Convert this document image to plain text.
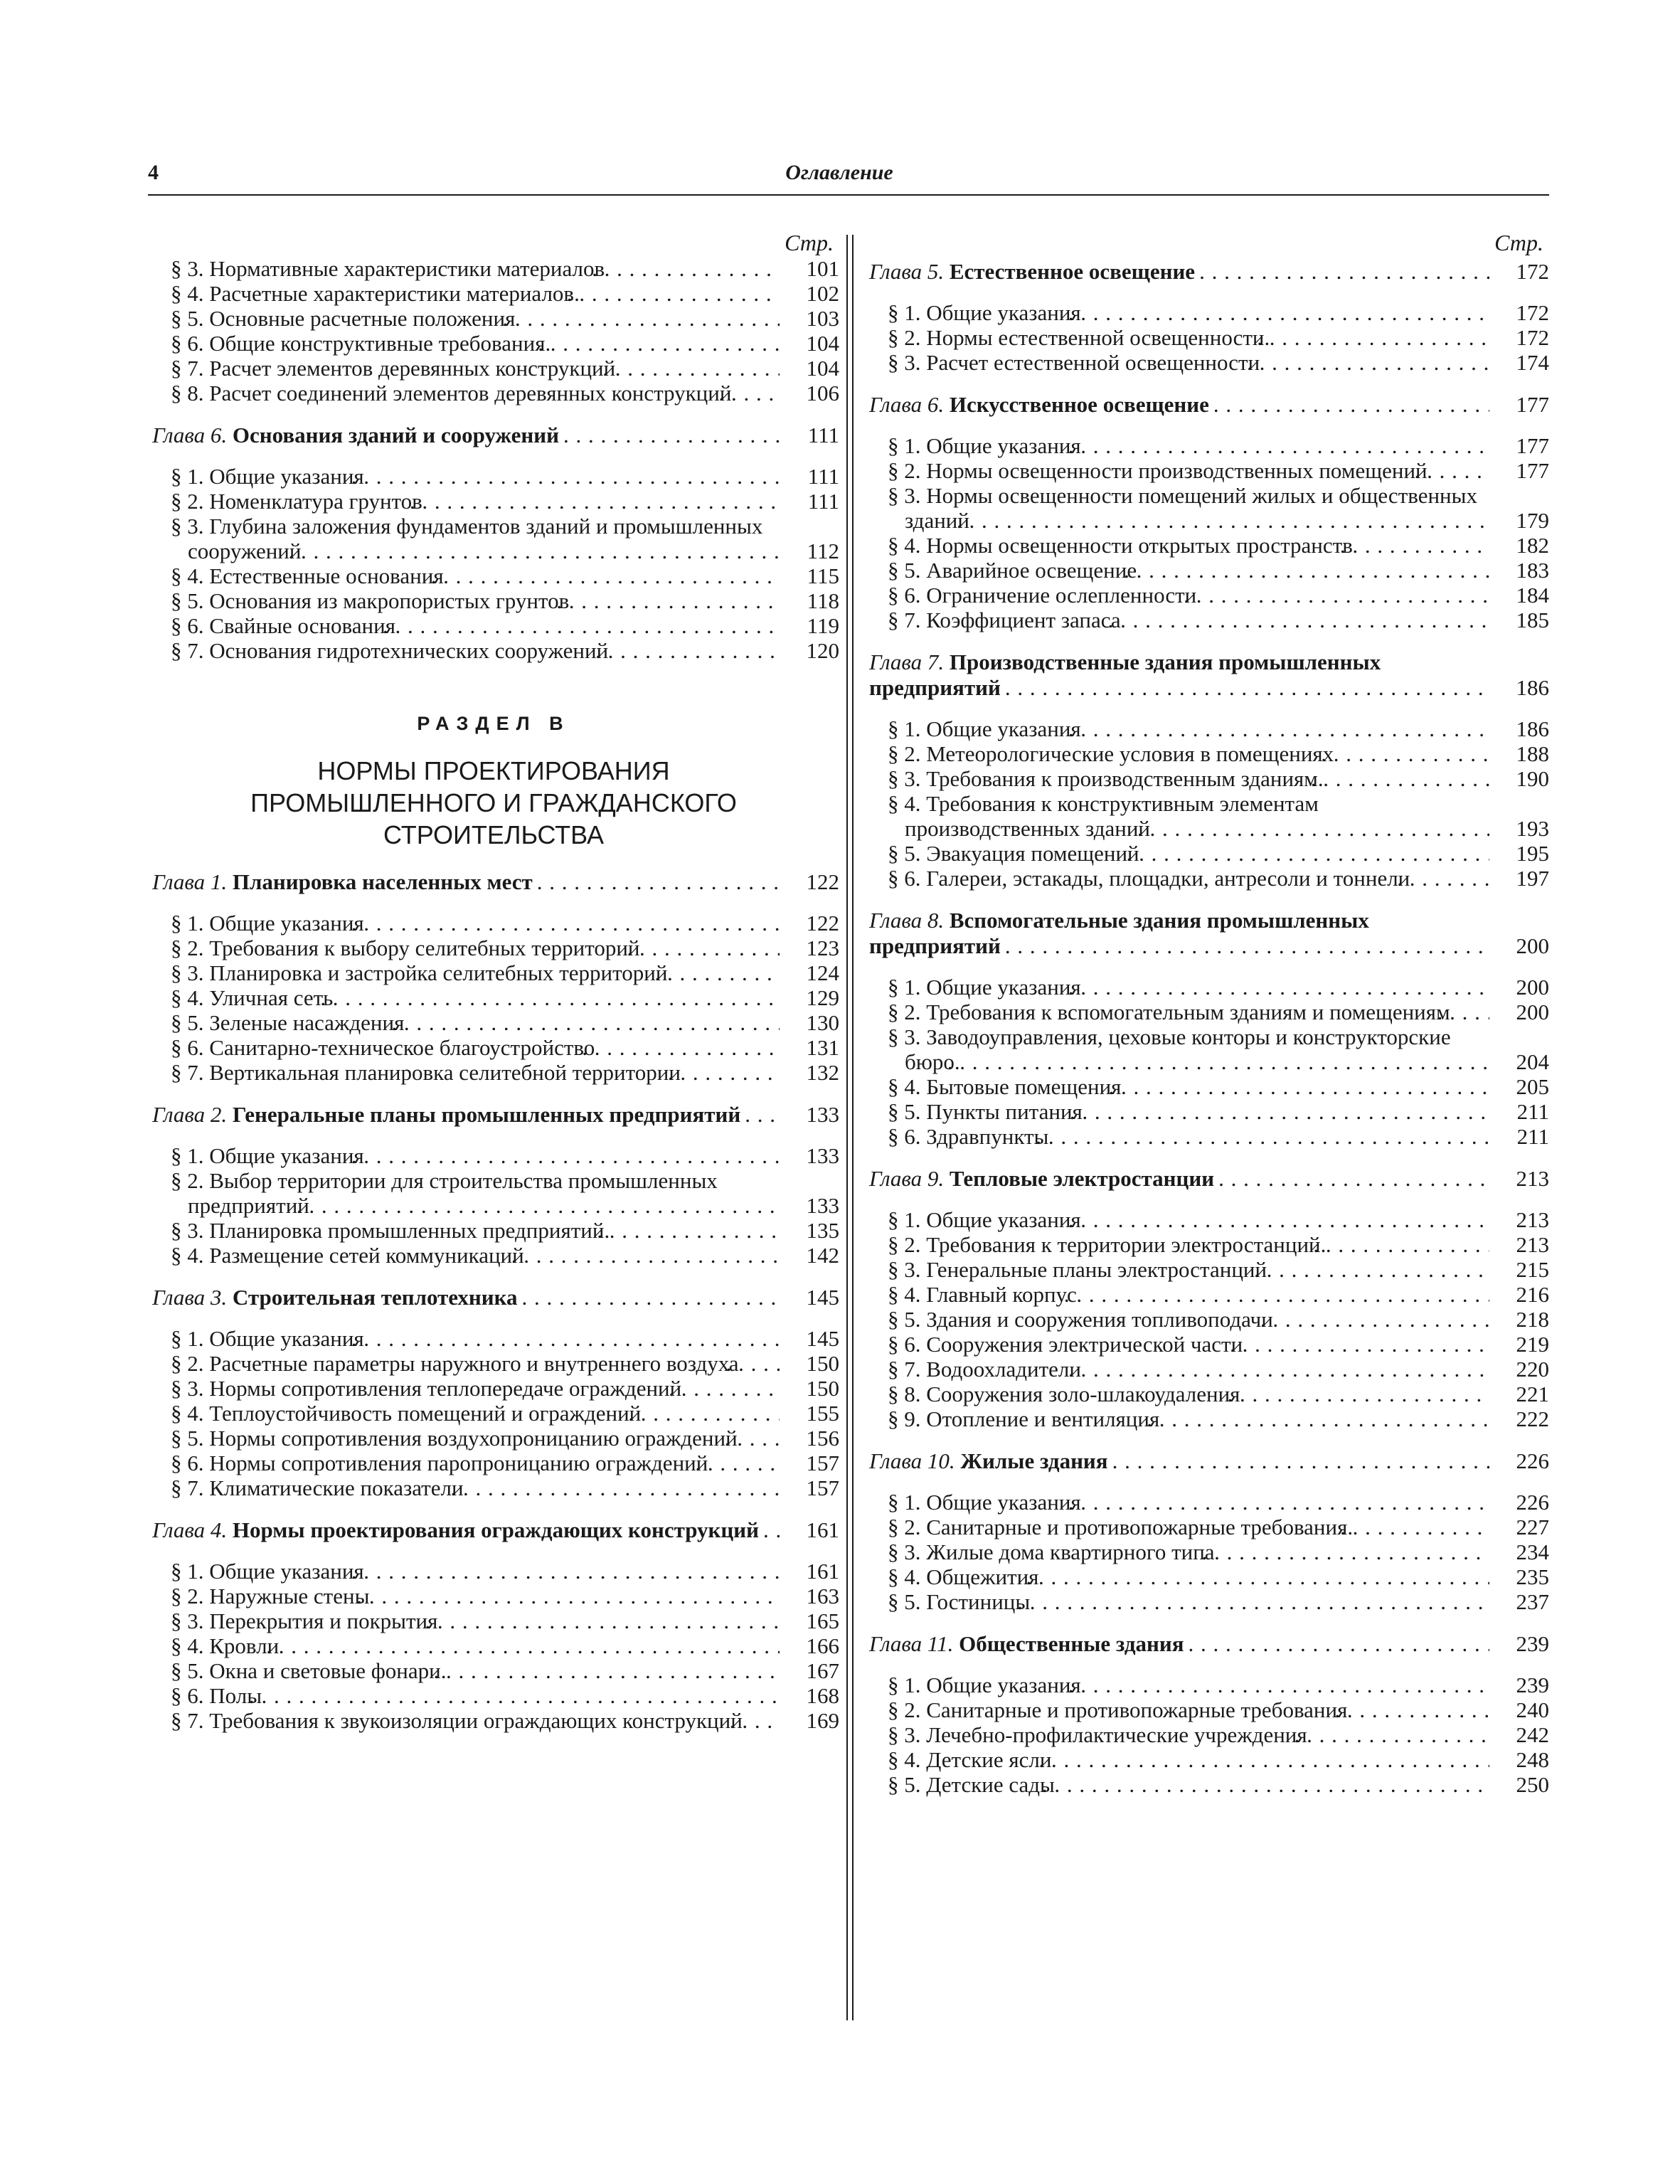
4	Оглавление
Стр.
§ 3. Нормативные характеристики материалов . . .	101
§ 4. Расчетные характеристики материалов. . . .	102
§ 5. Основные расчетные положения . . .	103
§ 6. Общие конструктивные требования. . . .	104
§ 7. Расчет элементов деревянных конструкций . . .	104
§ 8. Расчет соединений элементов деревянных конструкций . . .	106
Глава 6. Основания зданий и сооружений . . .	111
§ 1. Общие указания . . .	111
§ 2. Номенклатура грунтов . . .	111
§ 3. Глубина заложения фундаментов зданий и промышленных сооружений . . .	112
§ 4. Естественные основания . . .	115
§ 5. Основания из макропористых грунтов . . .	118
§ 6. Свайные основания . . .	119
§ 7. Основания гидротехнических сооружений . . .	120
РАЗДЕЛ В
НОРМЫ ПРОЕКТИРОВАНИЯ
ПРОМЫШЛЕННОГО И ГРАЖДАНСКОГО
СТРОИТЕЛЬСТВА
Глава 1. Планировка населенных мест . . .	122
§ 1. Общие указания . . .	122
§ 2. Требования к выбору селитебных территорий . . .	123
§ 3. Планировка и застройка селитебных территорий . . .	124
§ 4. Уличная сеть . . .	129
§ 5. Зеленые насаждения . . .	130
§ 6. Санитарно-техническое благоустройство . . .	131
§ 7. Вертикальная планировка селитебной территории . . .	132
Глава 2. Генеральные планы промышленных предприятий . . .	133
§ 1. Общие указания . . .	133
§ 2. Выбор территории для строительства промышленных предприятий . . .	133
§ 3. Планировка промышленных предприятий. . . .	135
§ 4. Размещение сетей коммуникаций . . .	142
Глава 3. Строительная теплотехника . . .	145
§ 1. Общие указания . . .	145
§ 2. Расчетные параметры наружного и внутреннего воздуха . . .	150
§ 3. Нормы сопротивления теплопередаче ограждений . . .	150
§ 4. Теплоустойчивость помещений и ограждений . . .	155
§ 5. Нормы сопротивления воздухопроницанию ограждений . . .	156
§ 6. Нормы сопротивления паропроницанию ограждений . . .	157
§ 7. Климатические показатели . . .	157
Глава 4. Нормы проектирования ограждающих конструкций . . .	161
§ 1. Общие указания . . .	161
§ 2. Наружные стены . . .	163
§ 3. Перекрытия и покрытия . . .	165
§ 4. Кровли . . .	166
§ 5. Окна и световые фонари. . . .	167
§ 6. Полы . . .	168
§ 7. Требования к звукоизоляции ограждающих конструкций . . .	169
Стр.
Глава 5. Естественное освещение . . .	172
§ 1. Общие указания . . .	172
§ 2. Нормы естественной освещенности. . . .	172
§ 3. Расчет естественной освещенности . . .	174
Глава 6. Искусственное освещение . . .	177
§ 1. Общие указания . . .	177
§ 2. Нормы освещенности производственных помещений . . .	177
§ 3. Нормы освещенности помещений жилых и общественных зданий . . .	179
§ 4. Нормы освещенности открытых пространств . . .	182
§ 5. Аварийное освещение . . .	183
§ 6. Ограничение ослепленности . . .	184
§ 7. Коэффициент запаса . . .	185
Глава 7. Производственные здания промышленных предприятий . . .	186
§ 1. Общие указания . . .	186
§ 2. Метеорологические условия в помещениях . . .	188
§ 3. Требования к производственным зданиям. . . .	190
§ 4. Требования к конструктивным элементам производственных зданий . . .	193
§ 5. Эвакуация помещений . . .	195
§ 6. Галереи, эстакады, площадки, антресоли и тоннели . . .	197
Глава 8. Вспомогательные здания промышленных предприятий . . .	200
§ 1. Общие указания . . .	200
§ 2. Требования к вспомогательным зданиям и помещениям . . .	200
§ 3. Заводоуправления, цеховые конторы и конструкторские бюро. . . .	204
§ 4. Бытовые помещения . . .	205
§ 5. Пункты питания . . .	211
§ 6. Здравпункты . . .	211
Глава 9. Тепловые электростанции . . .	213
§ 1. Общие указания . . .	213
§ 2. Требования к территории электростанций. . . .	213
§ 3. Генеральные планы электростанций . . .	215
§ 4. Главный корпус . . .	216
§ 5. Здания и сооружения топливоподачи . . .	218
§ 6. Сооружения электрической части . . .	219
§ 7. Водоохладители . . .	220
§ 8. Сооружения золо-шлакоудаления . . .	221
§ 9. Отопление и вентиляция . . .	222
Глава 10. Жилые здания . . .	226
§ 1. Общие указания . . .	226
§ 2. Санитарные и противопожарные требования. . . .	227
§ 3. Жилые дома квартирного типа . . .	234
§ 4. Общежития . . .	235
§ 5. Гостиницы . . .	237
Глава 11. Общественные здания . . .	239
§ 1. Общие указания . . .	239
§ 2. Санитарные и противопожарные требования . . .	240
§ 3. Лечебно-профилактические учреждения . . .	242
§ 4. Детские ясли . . .	248
§ 5. Детские сады . . .	250
